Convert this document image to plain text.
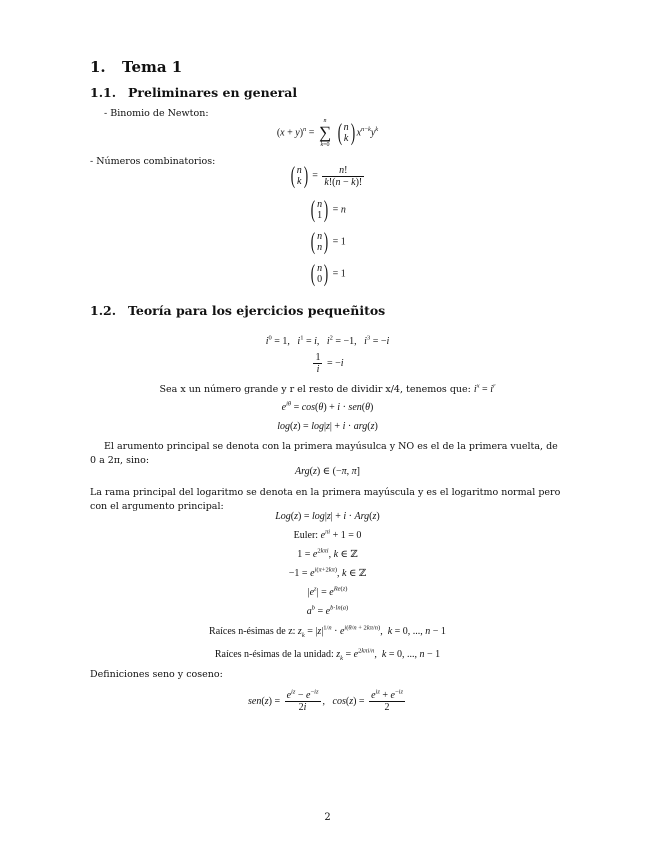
1. Tema 1
1.1. Preliminares en general
- Binomio de Newton:
$(x + y)^n$ =
n
∑
k=0
( n
k ) $x^{n-k}y^k$
- Números combinatorios:
( n
k ) = $\frac{n!}{k!(n - k)!}$
( n
1 ) = n
( n
n ) = 1
( n
0 ) = 1
1.2. Teoría para los ejercicios pequeñitos
$i^0 = 1$,   $i^1 = i$,   $i^2 = -1$,   $i^3 = -i$
$\frac{1}{i} = -i$
Sea x un número grande y r el resto de dividir x/4, tenemos que: $i^x = i^r$
$e^{i\theta} = \cos(\theta) + i \cdot sen(\theta)$
log(z) = log|z| + i · arg(z)
El arumento principal se denota con la primera mayúsulca y NO es el de la primera vuelta, de 0 a 2π, sino:
Arg(z) ∈ (−π, π]
La rama principal del logaritmo se denota en la primera mayúscula y es el logaritmo normal pero con el argumento principal:
Log(z) = log|z| + i · Arg(z)
Euler: $e^{\pi i} + 1 = 0$
$1 = e^{2k\pi i}$, k ∈ ℤ
$-1 = e^{i(\pi+2k\pi)}$, k ∈ ℤ
$|e^z| = e^{Re(z)}$
$a^b = e^{b\cdot ln(a)}$
Raíces n-ésimas de z: $z_k = |z|^{1/n} \cdot e^{i(\theta/n + 2k\pi/n)}$,  k = 0, ..., n − 1
Raíces n-ésimas de la unidad: $z_k = e^{2k\pi i/n}$,  k = 0, ..., n − 1
Definiciones seno y coseno:
$sen(z) = \frac{e^{iz} - e^{-iz}}{2i}$ ,   $\cos(z) = \frac{e^{iz} + e^{-iz}}{2}$
2
